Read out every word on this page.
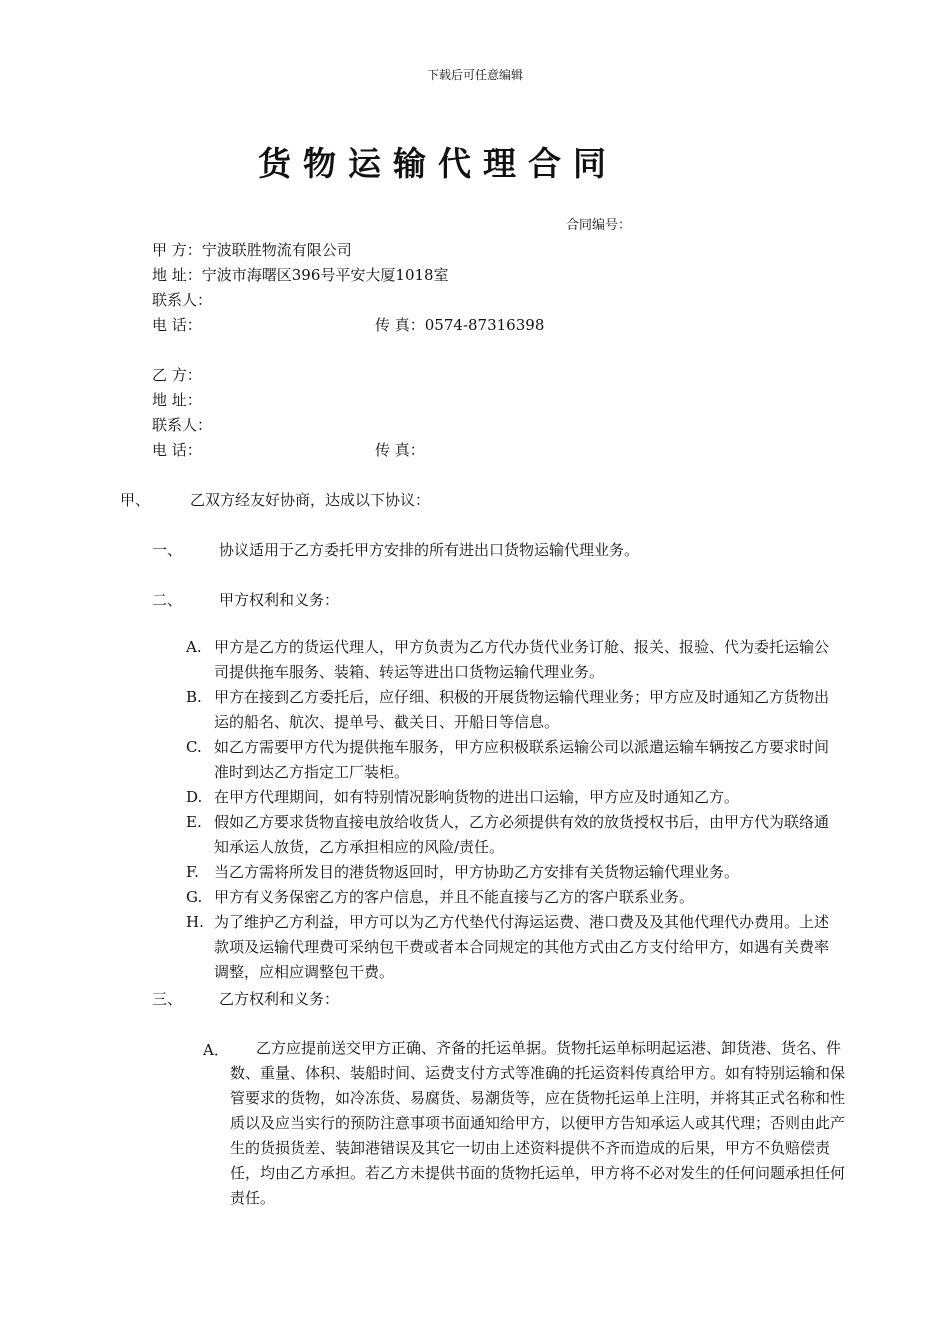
下载后可任意编辑
货物运输代理合同
合同编号：
甲 方：宁波联胜物流有限公司
地 址：宁波市海曙区396号平安大厦1018室
联系人：
电 话：	传 真：0574-87316398
乙 方：
地 址：
联系人：
电 话：	传 真：
甲、	乙双方经友好协商，达成以下协议：
一、 协议适用于乙方委托甲方安排的所有进出口货物运输代理业务。
二、 甲方权利和义务：
A. 甲方是乙方的货运代理人，甲方负责为乙方代办货代业务订舱、报关、报验、代为委托运输公司提供拖车服务、装箱、转运等进出口货物运输代理业务。
B. 甲方在接到乙方委托后，应仔细、积极的开展货物运输代理业务；甲方应及时通知乙方货物出运的船名、航次、提单号、截关日、开船日等信息。
C. 如乙方需要甲方代为提供拖车服务，甲方应积极联系运输公司以派遣运输车辆按乙方要求时间准时到达乙方指定工厂装柜。
D. 在甲方代理期间，如有特别情况影响货物的进出口运输，甲方应及时通知乙方。
E. 假如乙方要求货物直接电放给收货人，乙方必须提供有效的放货授权书后，由甲方代为联络通知承运人放货，乙方承担相应的风险/责任。
F. 当乙方需将所发目的港货物返回时，甲方协助乙方安排有关货物运输代理业务。
G. 甲方有义务保密乙方的客户信息，并且不能直接与乙方的客户联系业务。
H. 为了维护乙方利益，甲方可以为乙方代垫代付海运运费、港口费及及其他代理代办费用。上述款项及运输代理费可采纳包干费或者本合同规定的其他方式由乙方支付给甲方，如遇有关费率调整，应相应调整包干费。
三、 乙方权利和义务：
A．	乙方应提前送交甲方正确、齐备的托运单据。货物托运单标明起运港、卸货港、货名、件数、重量、体积、装船时间、运费支付方式等准确的托运资料传真给甲方。如有特别运输和保管要求的货物，如冷冻货、易腐货、易潮货等，应在货物托运单上注明，并将其正式名称和性质以及应当实行的预防注意事项书面通知给甲方，以便甲方告知承运人或其代理；否则由此产生的货损货差、装卸港错误及其它一切由上述资料提供不齐而造成的后果，甲方不负赔偿责任，均由乙方承担。若乙方未提供书面的货物托运单，甲方将不必对发生的任何问题承担任何责任。
